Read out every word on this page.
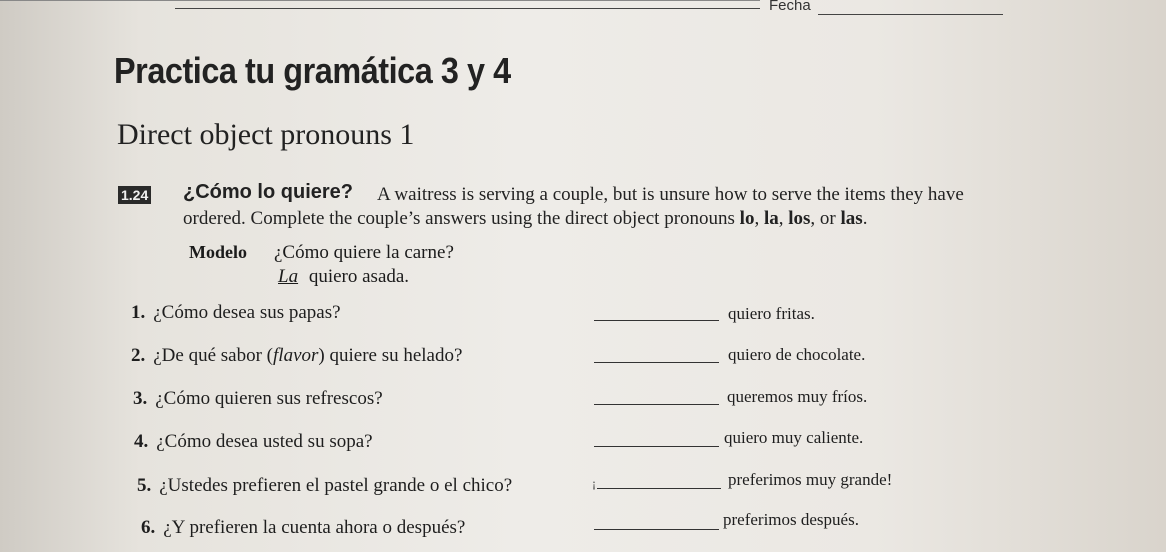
Fecha
Practica tu gramática 3 y 4
Direct object pronouns 1
1.24 ¿Cómo lo quiere? A waitress is serving a couple, but is unsure how to serve the items they have
ordered. Complete the couple’s answers using the direct object pronouns lo, la, los, or las.
Modelo ¿Cómo quiere la carne?
La quiero asada.
1. ¿Cómo desea sus papas?	quiero fritas.
2. ¿De qué sabor (flavor) quiere su helado?	quiero de chocolate.
3. ¿Cómo quieren sus refrescos?	queremos muy fríos.
4. ¿Cómo desea usted su sopa?	quiero muy caliente.
5. ¿Ustedes prefieren el pastel grande o el chico?	¡	preferimos muy grande!
6. ¿Y prefieren la cuenta ahora o después?	preferimos después.
